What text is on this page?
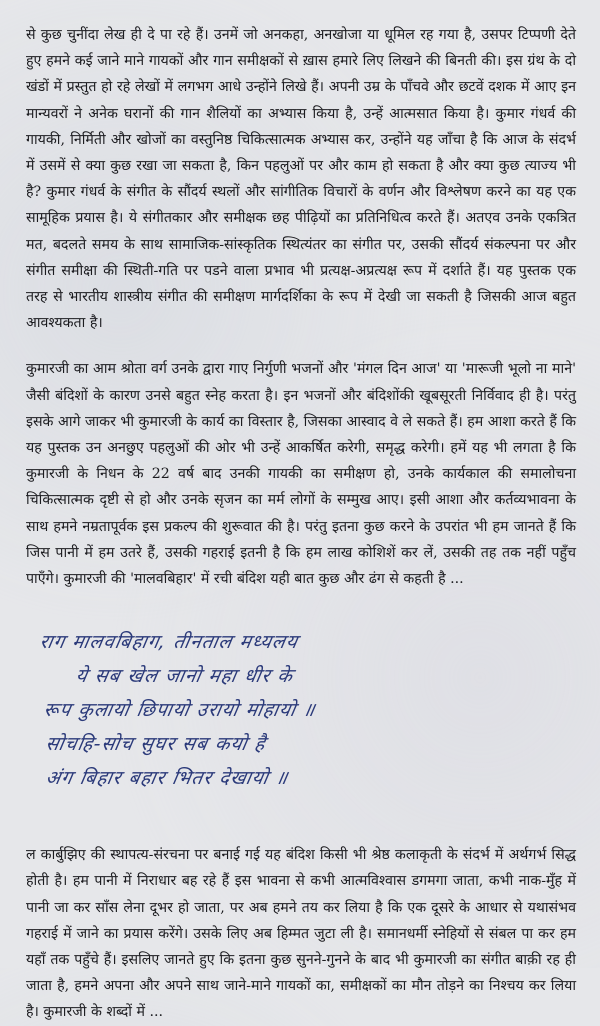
से कुछ चुनींदा लेख ही दे पा रहे हैं। उनमें जो अनकहा, अनखोजा या धूमिल रह गया है, उसपर टिप्पणी देते हुए हमने कई जाने माने गायकों और गान समीक्षकों से ख़ास हमारे लिए लिखने की बिनती की। इस ग्रंथ के दो खंडों में प्रस्तुत हो रहे लेखों में लगभग आधे उन्होंने लिखे हैं। अपनी उम्र के पाँचवे और छटवें दशक में आए इन मान्यवरों ने अनेक घरानों की गान शैलियों का अभ्यास किया है, उन्हें आत्मसात किया है। कुमार गंधर्व की गायकी, निर्मिती और खोजों का वस्तुनिष्ठ चिकित्सात्मक अभ्यास कर, उन्होंने यह जाँचा है कि आज के संदर्भ में उसमें से क्या कुछ रखा जा सकता है, किन पहलुओं पर और काम हो सकता है और क्या कुछ त्याज्य भी है? कुमार गंधर्व के संगीत के सौंदर्य स्थलों और सांगीतिक विचारों के वर्णन और विश्लेषण करने का यह एक सामूहिक प्रयास है। ये संगीतकार और समीक्षक छह पीढ़ियों का प्रतिनिधित्व करते हैं। अतएव उनके एकत्रित मत, बदलते समय के साथ सामाजिक-सांस्कृतिक स्थित्यंतर का संगीत पर, उसकी सौंदर्य संकल्पना पर और संगीत समीक्षा की स्थिती-गति पर पडने वाला प्रभाव भी प्रत्यक्ष-अप्रत्यक्ष रूप में दर्शाते हैं। यह पुस्तक एक तरह से भारतीय शास्त्रीय संगीत की समीक्षण मार्गदर्शिका के रूप में देखी जा सकती है जिसकी आज बहुत आवश्यकता है।

कुमारजी का आम श्रोता वर्ग उनके द्वारा गाए निर्गुणी भजनों और 'मंगल दिन आज' या 'मारूजी भूलो ना माने' जैसी बंदिशों के कारण उनसे बहुत स्नेह करता है। इन भजनों और बंदिशोंकी खूबसूरती निर्विवाद ही है। परंतु इसके आगे जाकर भी कुमारजी के कार्य का विस्तार है, जिसका आस्वाद वे ले सकते हैं। हम आशा करते हैं कि यह पुस्तक उन अनछुए पहलुओं की ओर भी उन्हें आकर्षित करेगी, समृद्ध करेगी। हमें यह भी लगता है कि कुमारजी के निधन के 22 वर्ष बाद उनकी गायकी का समीक्षण हो, उनके कार्यकाल की समालोचना चिकित्सात्मक दृष्टी से हो और उनके सृजन का मर्म लोगों के सम्मुख आए। इसी आशा और कर्तव्यभावना के साथ हमने नम्रतापूर्वक इस प्रकल्प की शुरूवात की है। परंतु इतना कुछ करने के उपरांत भी हम जानते हैं कि जिस पानी में हम उतरे हैं, उसकी गहराई इतनी है कि हम लाख कोशिशें कर लें, उसकी तह तक नहीं पहुँच पाएँगे। कुमारजी की 'मालवबिहार' में रची बंदिश यही बात कुछ और ढंग से कहती है ...

राग मालवबिहाग, तीनताल मध्यलय
ये सब खेल जानो महा धीर के
रूप कुलायो छिपायो उरायो मोहायो ॥
सोचहि-सोच सुघर सब कयो है
अंग बिहार बहार भितर देखायो ॥

ल कार्बुझिए की स्थापत्य-संरचना पर बनाई गई यह बंदिश किसी भी श्रेष्ठ कलाकृती के संदर्भ में अर्थगर्भ सिद्ध होती है। हम पानी में निराधार बह रहे हैं इस भावना से कभी आत्मविश्वास डगमगा जाता, कभी नाक-मुँह में पानी जा कर साँस लेना दूभर हो जाता, पर अब हमने तय कर लिया है कि एक दूसरे के आधार से यथासंभव गहराई में जाने का प्रयास करेंगे। उसके लिए अब हिम्मत जुटा ली है। समानधर्मी स्नेहियों से संबल पा कर हम यहाँ तक पहुँचे हैं। इसलिए जानते हुए कि इतना कुछ सुनने-गुनने के बाद भी कुमारजी का संगीत बाक़ी रह ही जाता है, हमने अपना और अपने साथ जाने-माने गायकों का, समीक्षकों का मौन तोड़ने का निश्चय कर लिया है। कुमारजी के शब्दों में ...
